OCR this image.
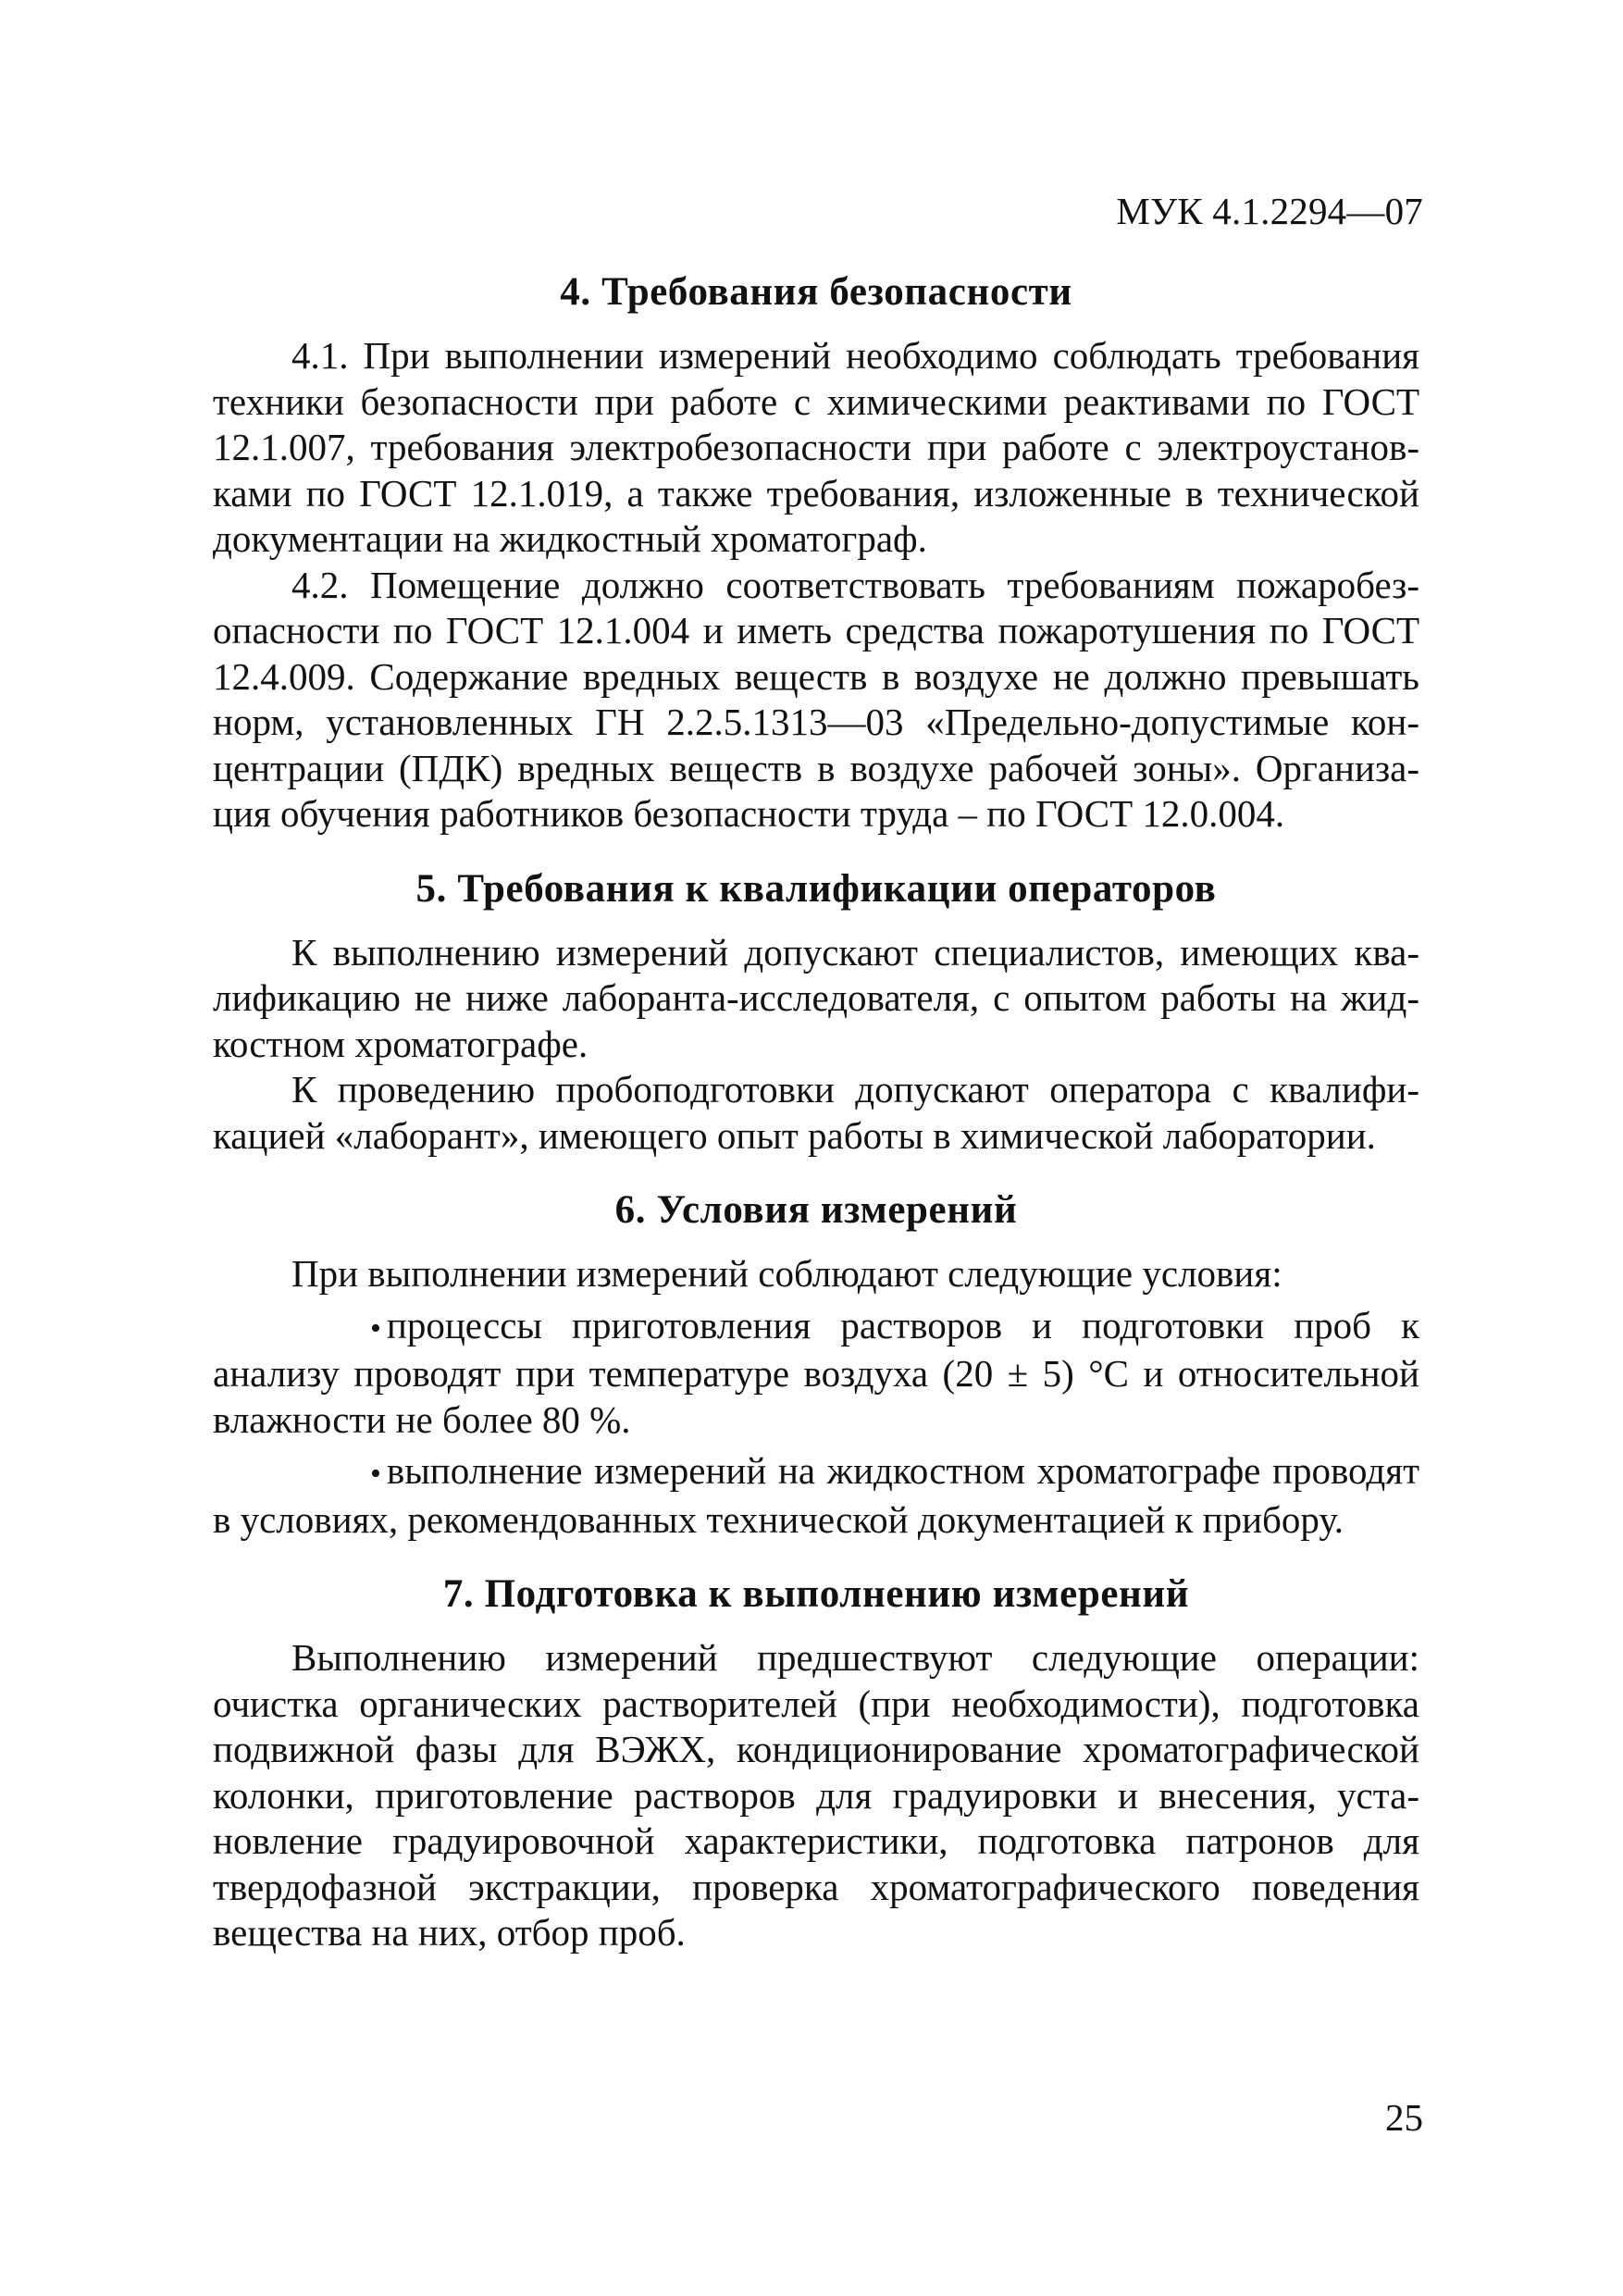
МУК 4.1.2294—07
4. Требования безопасности

4.1. При выполнении измерений необходимо соблюдать требования техники безопасности при работе с химическими реактивами по ГОСТ 12.1.007, требования электробезопасности при работе с электроустановками по ГОСТ 12.1.019, а также требования, изложенные в технической документации на жидкостный хроматограф.

4.2. Помещение должно соответствовать требованиям пожаробезопасности по ГОСТ 12.1.004 и иметь средства пожаротушения по ГОСТ 12.4.009. Содержание вредных веществ в воздухе не должно превышать норм, установленных ГН 2.2.5.1313—03 «Предельно-допустимые концентрации (ПДК) вредных веществ в воздухе рабочей зоны». Организация обучения работников безопасности труда – по ГОСТ 12.0.004.

5. Требования к квалификации операторов

К выполнению измерений допускают специалистов, имеющих квалификацию не ниже лаборанта-исследователя, с опытом работы на жидкостном хроматографе.

К проведению пробоподготовки допускают оператора с квалификацией «лаборант», имеющего опыт работы в химической лаборатории.

6. Условия измерений

При выполнении измерений соблюдают следующие условия:

• процессы приготовления растворов и подготовки проб к анализу проводят при температуре воздуха (20 ± 5) °С и относительной влажности не более 80 %.

• выполнение измерений на жидкостном хроматографе проводят в условиях, рекомендованных технической документацией к прибору.

7. Подготовка к выполнению измерений

Выполнению измерений предшествуют следующие операции: очистка органических растворителей (при необходимости), подготовка подвижной фазы для ВЭЖХ, кондиционирование хроматографической колонки, приготовление растворов для градуировки и внесения, установление градуировочной характеристики, подготовка патронов для твердофазной экстракции, проверка хроматографического поведения вещества на них, отбор проб.

25
